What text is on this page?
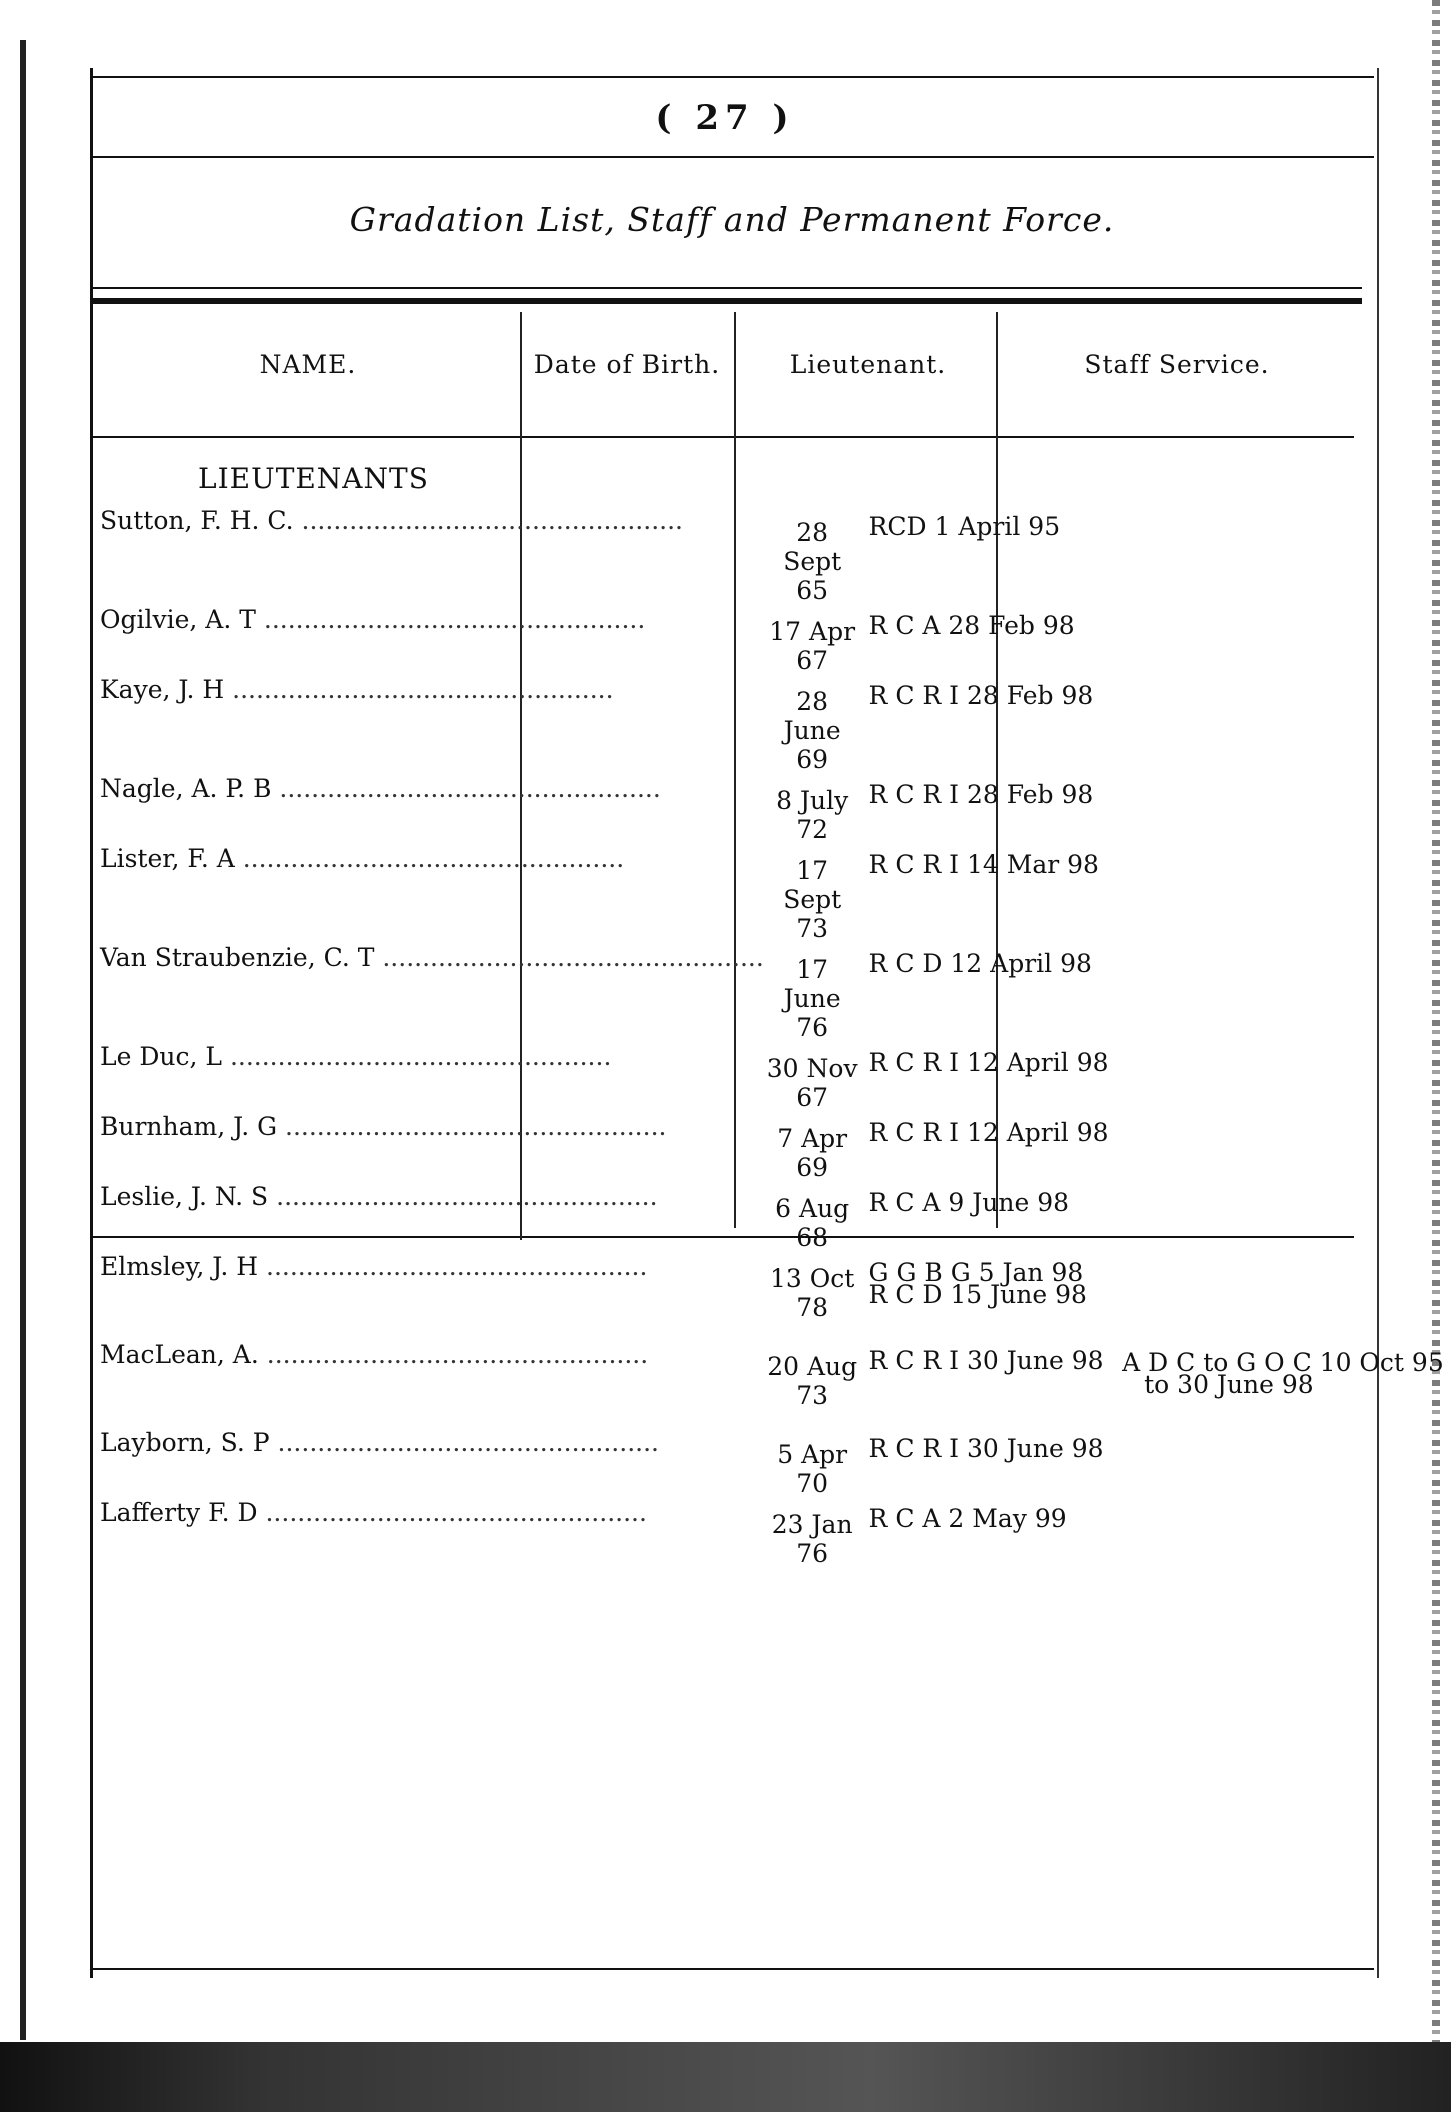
( 27 )
Gradation List, Staff and Permanent Force.
NAME.	Date of Birth.	Lieutenant.	Staff Service.
LIEUTENANTS
Sutton, F. H. C. ................................................	28 Sept 65	RCD 1 April 95	

Ogilvie, A. T ................................................	17 Apr 67	R C A 28 Feb 98	

Kaye, J. H ................................................	28 June 69	R C R I 28 Feb 98	

Nagle, A. P. B ................................................	8 July 72	R C R I 28 Feb 98	

Lister, F. A ................................................	17 Sept 73	R C R I 14 Mar 98	

Van Straubenzie, C. T ................................................	17 June 76	R C D 12 April 98	

Le Duc, L ................................................	30 Nov 67	R C R I 12 April 98	

Burnham, J. G ................................................	7 Apr 69	R C R I 12 April 98	

Leslie, J. N. S ................................................	6 Aug 68	R C A 9 June 98	

Elmsley, J. H ................................................	13 Oct 78	G G B G 5 Jan 98
R C D 15 June 98	

MacLean, A. ................................................	20 Aug 73	R C R I 30 June 98	A D C to G O C 10 Oct 95
to 30 June 98

Layborn, S. P ................................................	5 Apr 70	R C R I 30 June 98	

Lafferty F. D ................................................	23 Jan 76	R C A 2 May 99	
